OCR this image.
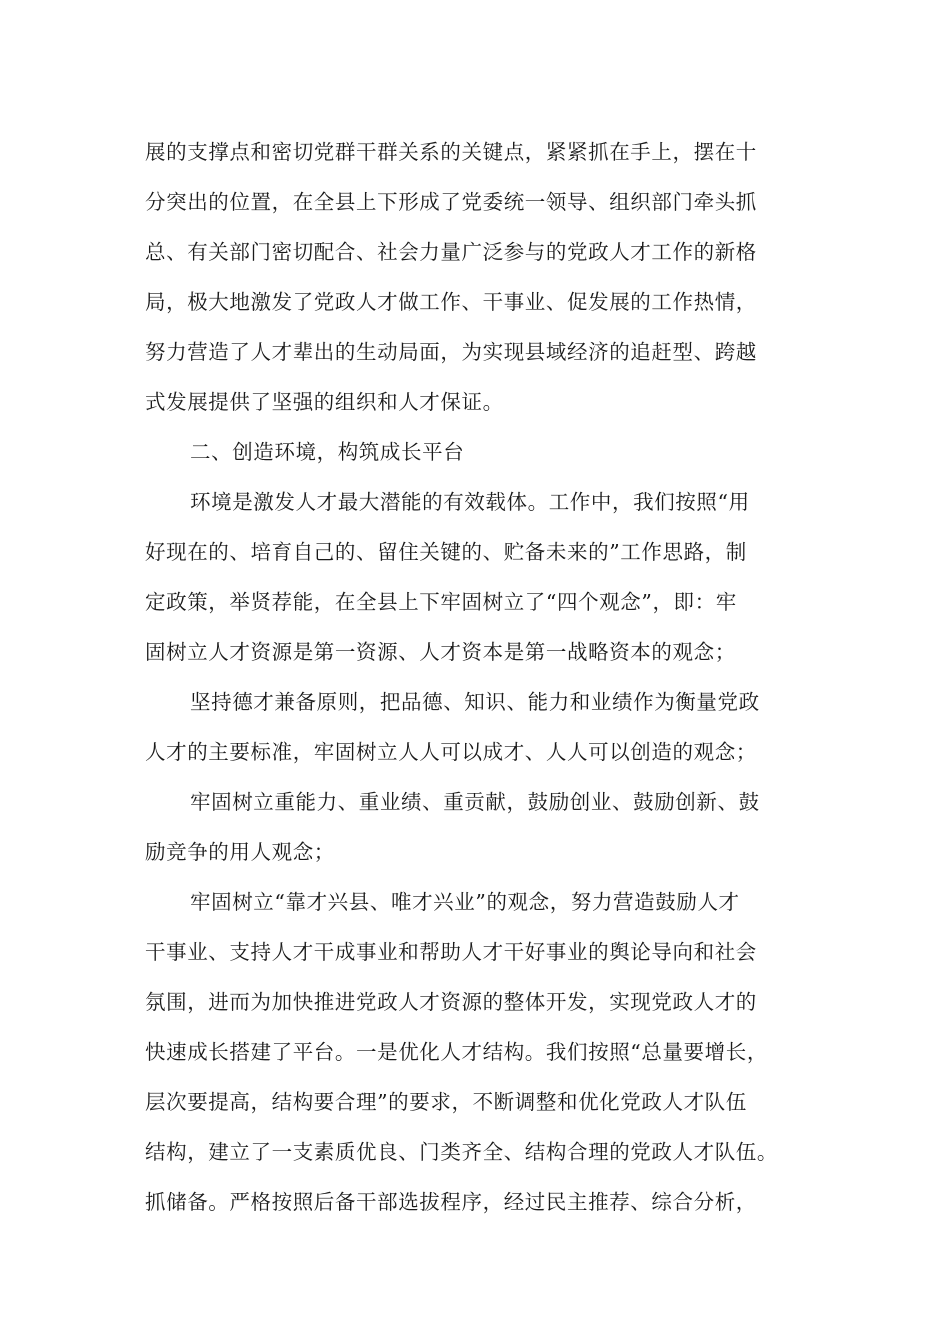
展的支撑点和密切党群干群关系的关键点，紧紧抓在手上，摆在十
分突出的位置，在全县上下形成了党委统一领导、组织部门牵头抓
总、有关部门密切配合、社会力量广泛参与的党政人才工作的新格
局，极大地激发了党政人才做工作、干事业、促发展的工作热情，
努力营造了人才辈出的生动局面，为实现县域经济的追赶型、跨越
式发展提供了坚强的组织和人才保证。
二、创造环境，构筑成长平台
环境是激发人才最大潜能的有效载体。工作中，我们按照“用
好现在的、培育自己的、留住关键的、贮备未来的”工作思路，制
定政策，举贤荐能，在全县上下牢固树立了“四个观念”，即：牢
固树立人才资源是第一资源、人才资本是第一战略资本的观念；
坚持德才兼备原则，把品德、知识、能力和业绩作为衡量党政
人才的主要标准，牢固树立人人可以成才、人人可以创造的观念；
牢固树立重能力、重业绩、重贡献，鼓励创业、鼓励创新、鼓
励竞争的用人观念；
牢固树立“靠才兴县、唯才兴业”的观念，努力营造鼓励人才
干事业、支持人才干成事业和帮助人才干好事业的舆论导向和社会
氛围，进而为加快推进党政人才资源的整体开发，实现党政人才的
快速成长搭建了平台。一是优化人才结构。我们按照“总量要增长，
层次要提高，结构要合理”的要求，不断调整和优化党政人才队伍
结构，建立了一支素质优良、门类齐全、结构合理的党政人才队伍。
抓储备。严格按照后备干部选拔程序，经过民主推荐、综合分析，
